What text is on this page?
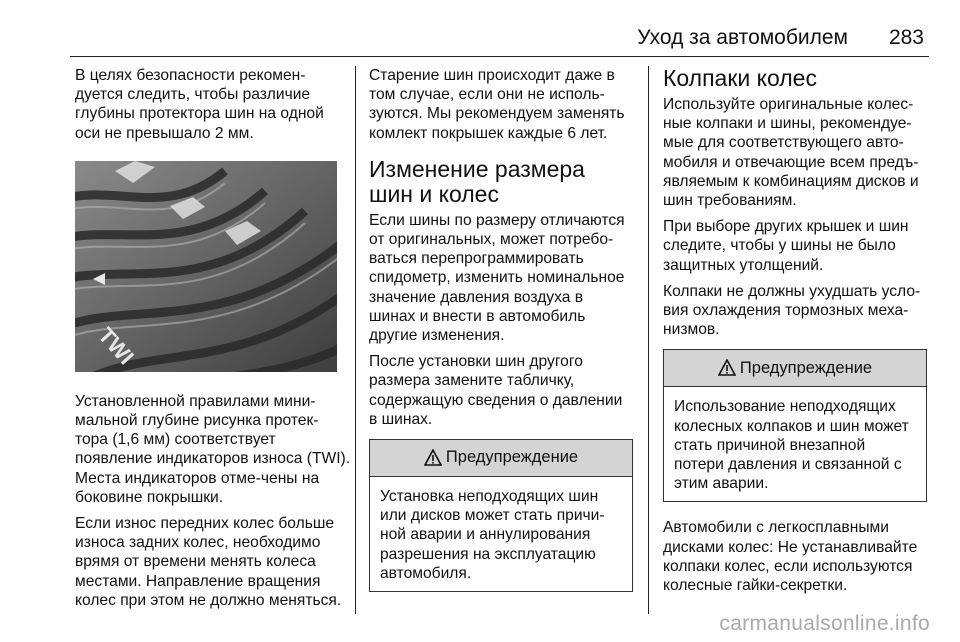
Уход за автомобилем 283

В целях безопасности рекомен-дуется следить, чтобы различие глубины протектора шин на одной оси не превышало 2 мм.

TWI

Установленной правилами мини-мальной глубине рисунка протек-тора (1,6 мм) соответствует появление индикаторов износа (TWI). Места индикаторов отме-чены на боковине покрышки.

Если износ передних колес больше износа задних колес, необходимо врямя от времени менять колеса местами. Направление вращения колес при этом не должно меняться.

Старение шин происходит даже в том случае, если они не исполь-зуются. Мы рекомендуем заменять комлект покрышек каждые 6 лет.

Изменение размера шин и колес

Если шины по размеру отличаются от оригинальных, может потребо-ваться перепрограммировать спидометр, изменить номинальное значение давления воздуха в шинах и внести в автомобиль другие изменения.

После установки шин другого размера замените табличку, содержащую сведения о давлении в шинах.

Предупреждение

Установка неподходящих шин или дисков может стать причи-ной аварии и аннулирования разрешения на эксплуатацию автомобиля.

Колпаки колес

Используйте оригинальные колес-ные колпаки и шины, рекомендуе-мые для соответствующего авто-мобиля и отвечающие всем предъ-являемым к комбинациям дисков и шин требованиям.

При выборе других крышек и шин следите, чтобы у шины не было защитных утолщений.

Колпаки не должны ухудшать усло-вия охлаждения тормозных меха-низмов.

Предупреждение

Использование неподходящих колесных колпаков и шин может стать причиной внезапной потери давления и связанной с этим аварии.

Автомобили с легкосплавными дисками колес: Не устанавливайте колпаки колес, если используются колесные гайки-секретки.

carmanualsonline.info
